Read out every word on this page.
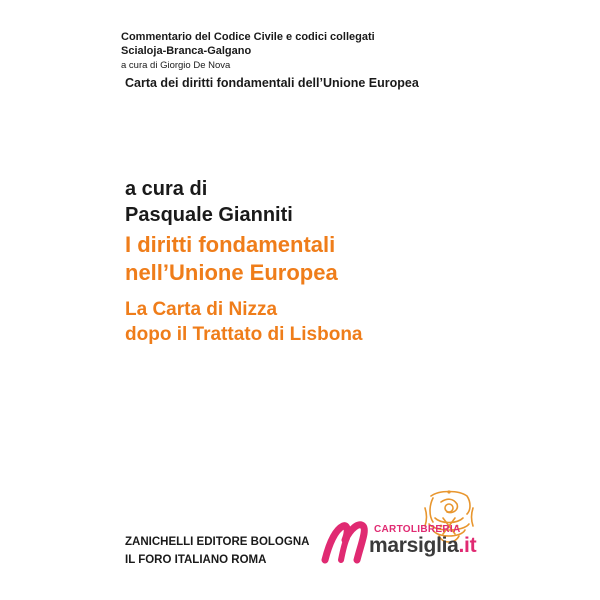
Commentario del Codice Civile e codici collegati
Scialoja-Branca-Galgano
a cura di Giorgio De Nova
Carta dei diritti fondamentali dell’Unione Europea
a cura di
Pasquale Gianniti
I diritti fondamentali
nell’Unione Europea
La Carta di Nizza
dopo il Trattato di Lisbona
ZANICHELLI EDITORE BOLOGNA
IL FORO ITALIANO ROMA
CARTOLIBRERIA
marsiglia.it
